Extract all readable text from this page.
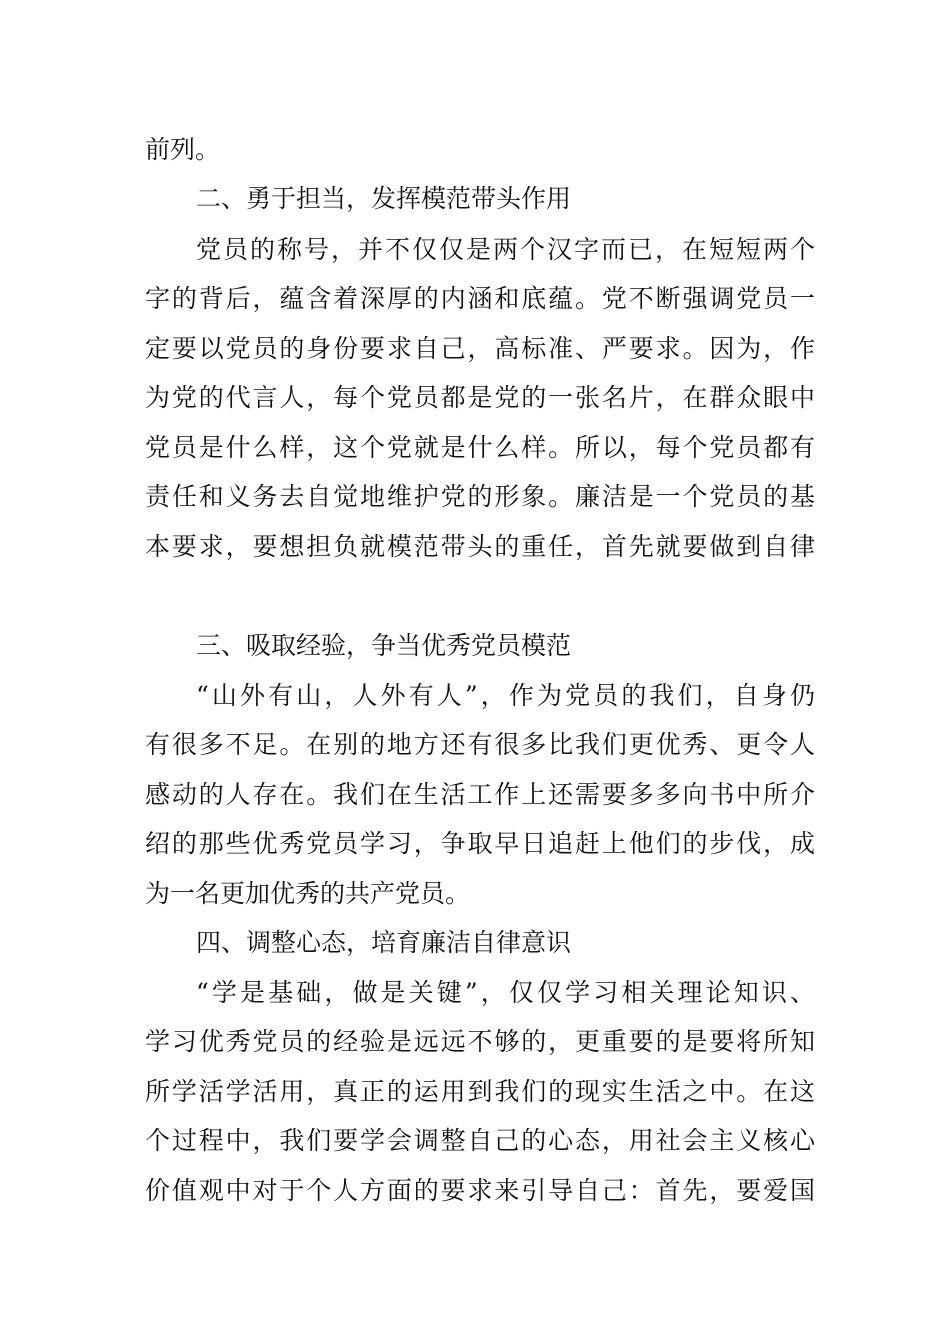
前列。
二、勇于担当，发挥模范带头作用
党员的称号，并不仅仅是两个汉字而已，在短短两个
字的背后，蕴含着深厚的内涵和底蕴。党不断强调党员一
定要以党员的身份要求自己，高标准、严要求。因为，作
为党的代言人，每个党员都是党的一张名片，在群众眼中
党员是什么样，这个党就是什么样。所以，每个党员都有
责任和义务去自觉地维护党的形象。廉洁是一个党员的基
本要求，要想担负就模范带头的重任，首先就要做到自律
三、吸取经验，争当优秀党员模范
“山外有山，人外有人”，作为党员的我们，自身仍
有很多不足。在别的地方还有很多比我们更优秀、更令人
感动的人存在。我们在生活工作上还需要多多向书中所介
绍的那些优秀党员学习，争取早日追赶上他们的步伐，成
为一名更加优秀的共产党员。
四、调整心态，培育廉洁自律意识
“学是基础，做是关键”，仅仅学习相关理论知识、
学习优秀党员的经验是远远不够的，更重要的是要将所知
所学活学活用，真正的运用到我们的现实生活之中。在这
个过程中，我们要学会调整自己的心态，用社会主义核心
价值观中对于个人方面的要求来引导自己：首先，要爱国
